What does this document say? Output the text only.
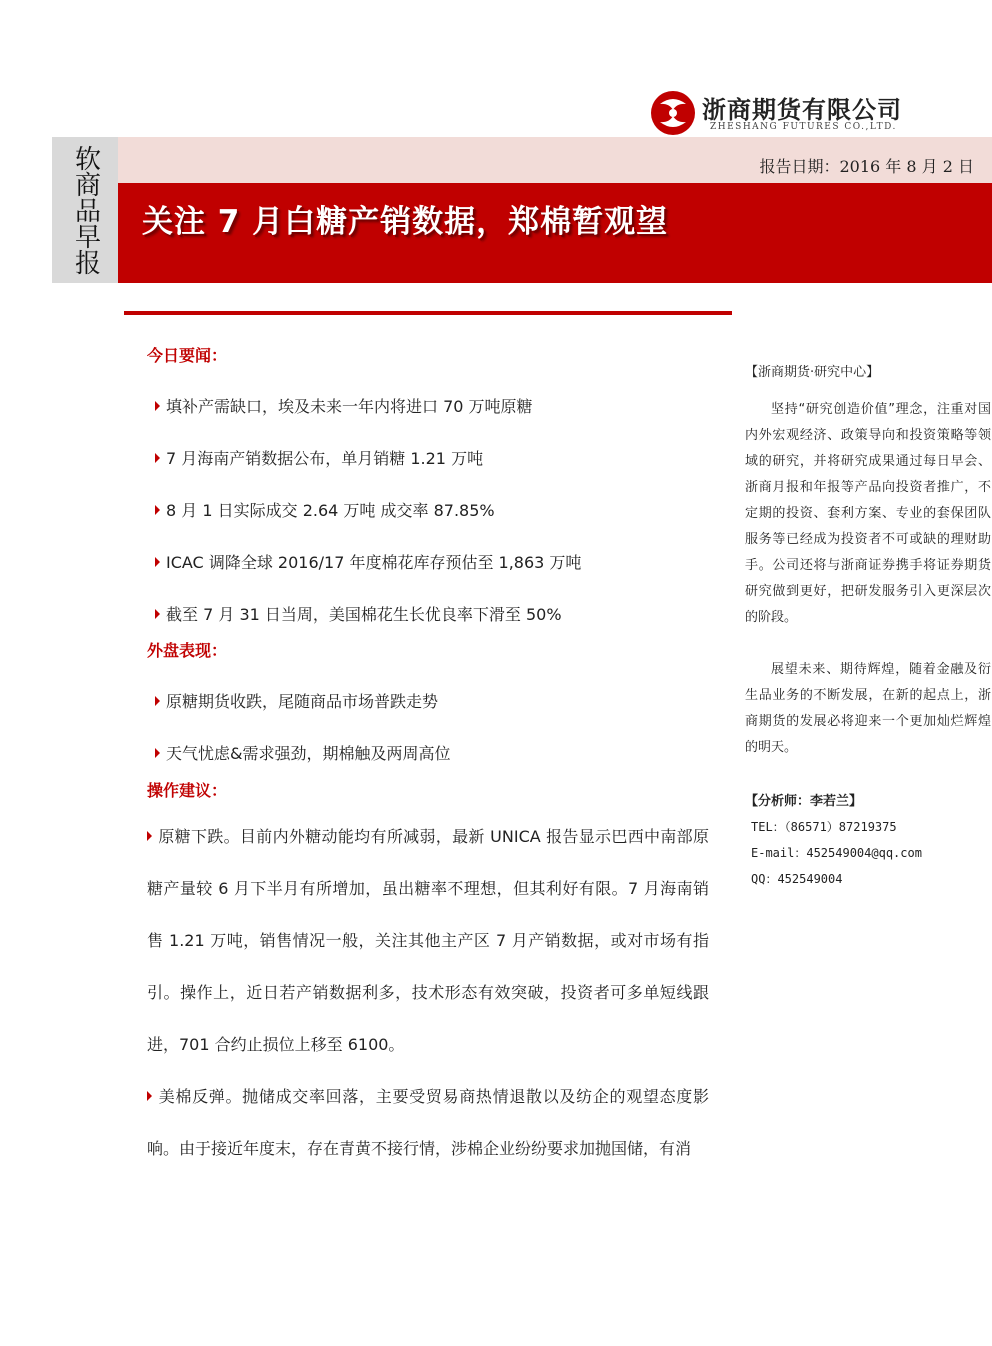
浙商期货有限公司
ZHESHANG FUTURES CO.,LTD.
软商品早报	报告日期：2016 年 8 月 2 日
关注 7 月白糖产销数据，郑棉暂观望
今日要闻：
填补产需缺口，埃及未来一年内将进口 70 万吨原糖
7 月海南产销数据公布，单月销糖 1.21 万吨
8 月 1 日实际成交 2.64 万吨 成交率 87.85%
ICAC 调降全球 2016/17 年度棉花库存预估至 1,863 万吨
截至 7 月 31 日当周，美国棉花生长优良率下滑至 50%
外盘表现：
原糖期货收跌，尾随商品市场普跌走势
天气忧虑&需求强劲，期棉触及两周高位
操作建议：
原糖下跌。目前内外糖动能均有所减弱，最新 UNICA 报告显示巴西中南部原糖产量较 6 月下半月有所增加，虽出糖率不理想，但其利好有限。7 月海南销售 1.21 万吨，销售情况一般，关注其他主产区 7 月产销数据，或对市场有指引。操作上，近日若产销数据利多，技术形态有效突破，投资者可多单短线跟进，701 合约止损位上移至 6100。
美棉反弹。抛储成交率回落，主要受贸易商热情退散以及纺企的观望态度影响。由于接近年度末，存在青黄不接行情，涉棉企业纷纷要求加抛国储，有消
【浙商期货·研究中心】
坚持“研究创造价值”理念，注重对国内外宏观经济、政策导向和投资策略等领域的研究，并将研究成果通过每日早会、浙商月报和年报等产品向投资者推广，不定期的投资、套利方案、专业的套保团队服务等已经成为投资者不可或缺的理财助手。公司还将与浙商证券携手将证券期货研究做到更好，把研发服务引入更深层次的阶段。
展望未来、期待辉煌，随着金融及衍生品业务的不断发展，在新的起点上，浙商期货的发展必将迎来一个更加灿烂辉煌的明天。
【分析师：李若兰】
TEL：（86571）87219375
E-mail：452549004@qq.com
QQ：452549004
